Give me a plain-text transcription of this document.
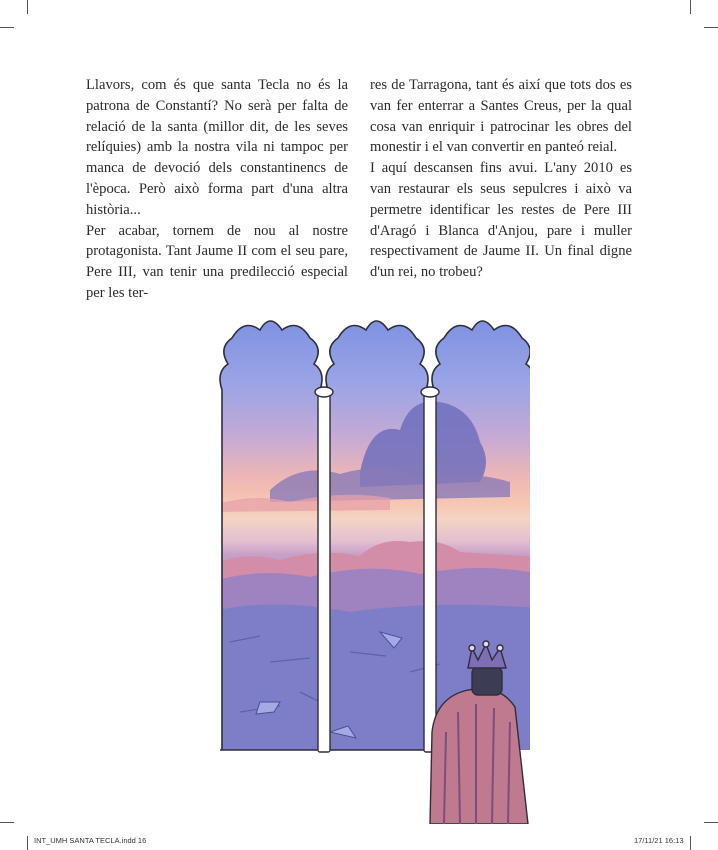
Llavors, com és que santa Tecla no és la patrona de Constantí? No serà per falta de relació de la santa (millor dit, de les seves relíquies) amb la nostra vila ni tampoc per manca de devoció dels constantinencs de l'època. Però això forma part d'una altra història...

Per acabar, tornem de nou al nostre protagonista. Tant Jaume II com el seu pare, Pere III, van tenir una predilecció especial per les ter-

res de Tarragona, tant és així que tots dos es van fer enterrar a Santes Creus, per la qual cosa van enriquir i patrocinar les obres del monestir i el van convertir en panteó reial.

I aquí descansen fins avui. L'any 2010 es van restaurar els seus sepulcres i això va permetre identificar les restes de Pere III d'Aragó i Blanca d'Anjou, pare i muller respectivament de Jaume II. Un final digne d'un rei, no trobeu?

INT_UMH SANTA TECLA.indd 16	17/11/21 16:13
